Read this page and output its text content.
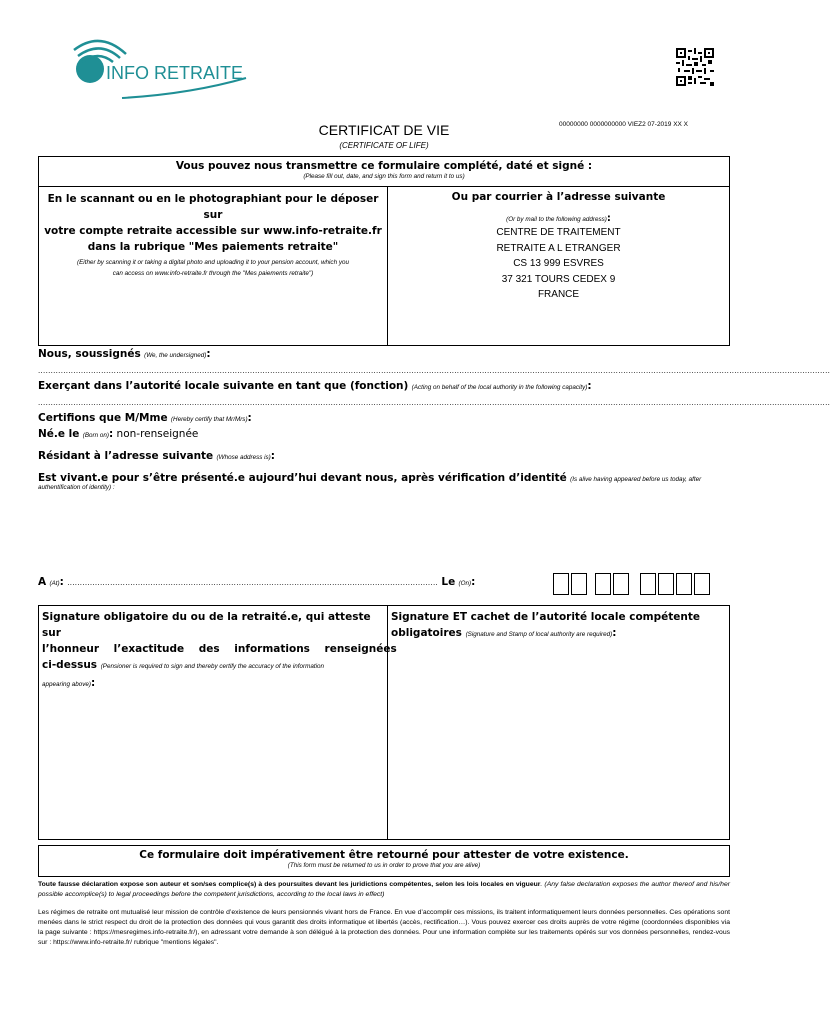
INFO RETRAITE
00000000 0000000000 VIEZ2 07-2019 XX X
CERTIFICAT DE VIE
(CERTIFICATE OF LIFE)
Vous pouvez nous transmettre ce formulaire complété, daté et signé :
(Please fill out, date, and sign this form and return it to us)
En le scannant ou en le photographiant pour le déposer sur
votre compte retraite accessible sur www.info-retraite.fr
dans la rubrique "Mes paiements retraite"
(Either by scanning it or taking a digital photo and uploading it to your pension account, which you
can access on www.info-retraite.fr through the "Mes paiements retraite")
Ou par courrier à l’adresse suivante
(Or by mail to the following address):
CENTRE DE TRAITEMENT
RETRAITE A L ETRANGER
CS 13 999 ESVRES
37 321 TOURS CEDEX 9
FRANCE
Nous, soussignés (We, the undersigned):
..........................................................................................................................................................................................................................................................................................................................
Exerçant dans l’autorité locale suivante en tant que (fonction) (Acting on behalf of the local authority in the following capacity):
..........................................................................................................................................................................................................................................................................................................................
Certifions que M/Mme (Hereby certify that Mr/Mrs):
Né.e le (Born on): non-renseignée
Résidant à l’adresse suivante (Whose address is):
Est vivant.e pour s’être présenté.e aujourd’hui devant nous, après vérification d’identité (Is alive having appeared before us today, after
authentification of identity) :
A (At): ................................................................................................................................................... Le (On):
Signature obligatoire du ou de la retraité.e, qui atteste sur
l’honneur    l’exactitude    des    informations    renseignées
ci-dessus (Pensioner is required to sign and thereby certify the accuracy of the information
appearing above):
Signature ET cachet de l’autorité locale compétente
obligatoires (Signature and Stamp of local authority are required):
Ce formulaire doit impérativement être retourné pour attester de votre existence.
(This form must be returned to us in order to prove that you are alive)
Toute fausse déclaration expose son auteur et son/ses complice(s) à des poursuites devant les juridictions compétentes, selon les lois locales en vigueur. (Any false declaration exposes the author thereof and his/her possible accomplice(s) to legal proceedings before the competent jurisdictions, according to the local laws in effect)
Les régimes de retraite ont mutualisé leur mission de contrôle d’existence de leurs pensionnés vivant hors de France. En vue d’accomplir ces missions, ils traitent informatiquement leurs données personnelles. Ces opérations sont menées dans le strict respect du droit de la protection des données qui vous garantit des droits informatique et libertés (accès, rectification…). Vous pouvez exercer ces droits auprès de votre régime (coordonnées disponibles via la page suivante : https://mesregimes.info-retraite.fr/), en adressant votre demande à son délégué à la protection des données. Pour une information complète sur les traitements opérés sur vos données personnelles, rendez-vous sur : https://www.info-retraite.fr/ rubrique "mentions légales".
